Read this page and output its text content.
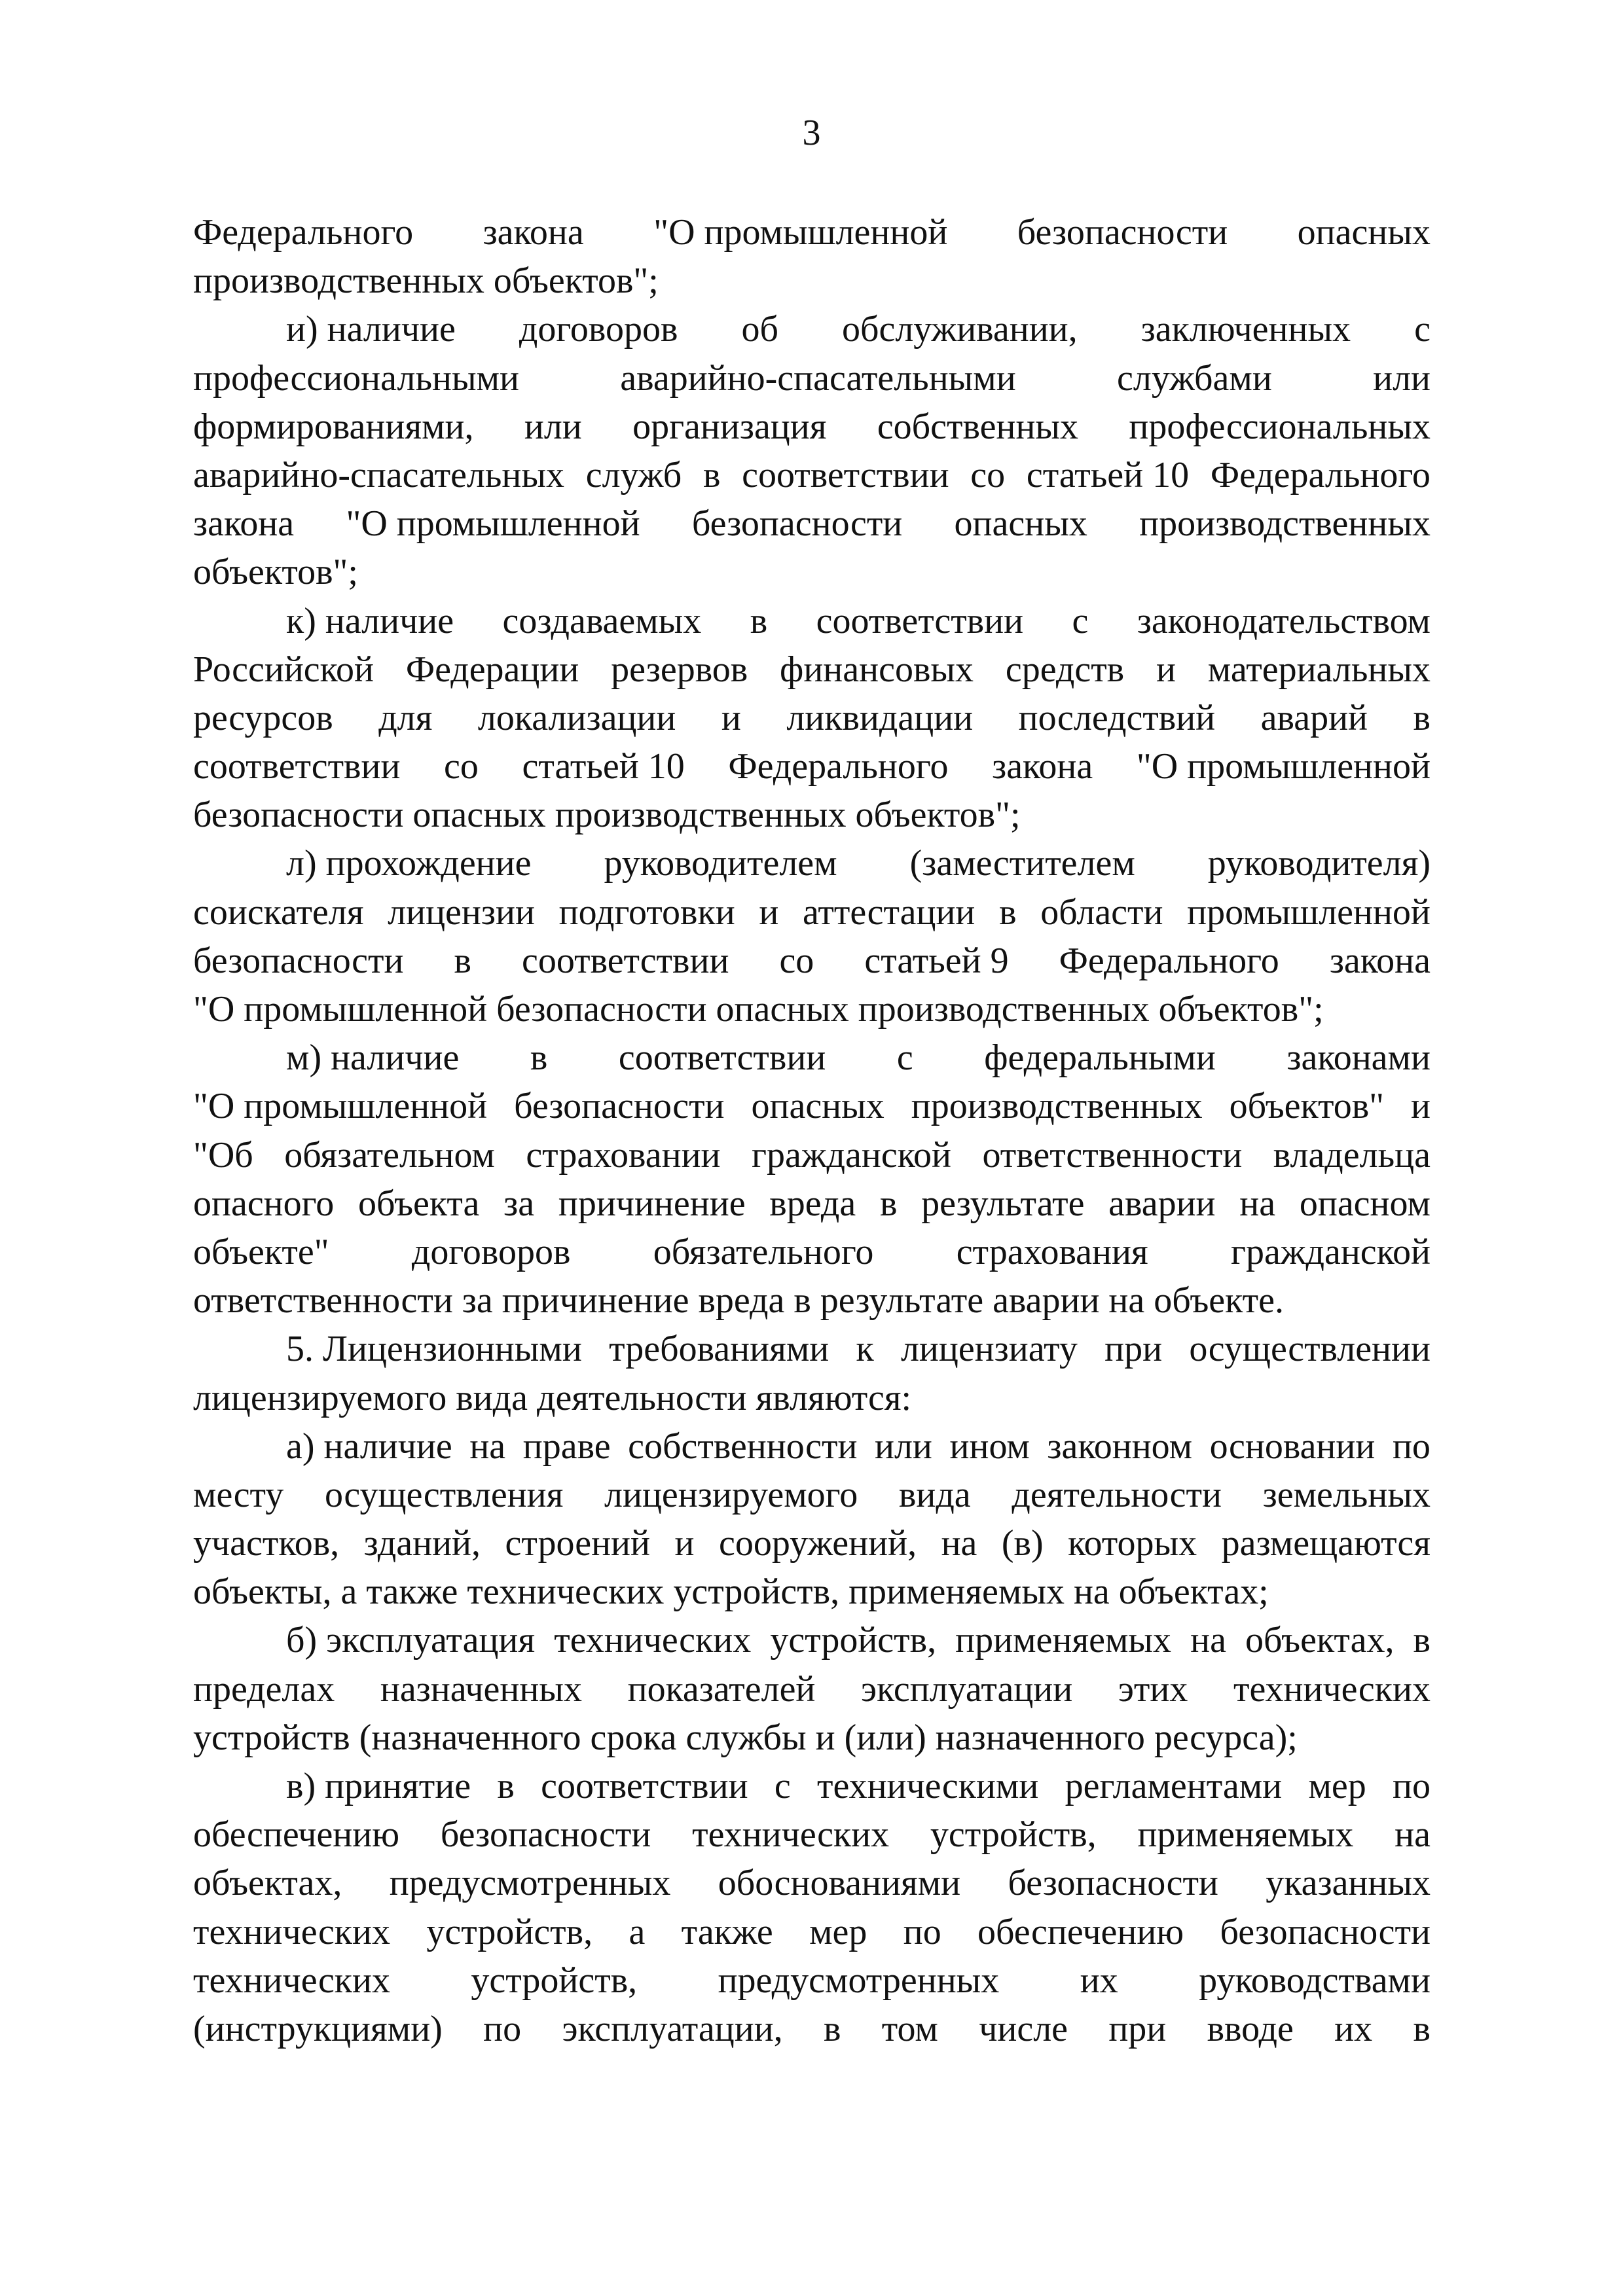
3
Федерального закона "О промышленной безопасности опасных
производственных объектов";
и) наличие договоров об обслуживании, заключенных с
профессиональными	аварийно-спасательными	службами	или
формированиями, или организация собственных профессиональных
аварийно-спасательных служб в соответствии со статьей 10 Федерального
закона "О промышленной безопасности опасных производственных
объектов";
к) наличие создаваемых в соответствии с законодательством
Российской Федерации резервов финансовых средств и материальных
ресурсов для локализации и ликвидации последствий аварий в
соответствии со статьей 10 Федерального закона "О промышленной
безопасности опасных производственных объектов";
л) прохождение руководителем (заместителем руководителя)
соискателя лицензии подготовки и аттестации в области промышленной
безопасности в соответствии со статьей 9 Федерального закона
"О промышленной безопасности опасных производственных объектов";
м) наличие в соответствии с федеральными законами
"О промышленной безопасности опасных производственных объектов" и
"Об обязательном страховании гражданской ответственности владельца
опасного объекта за причинение вреда в результате аварии на опасном
объекте" договоров обязательного страхования гражданской
ответственности за причинение вреда в результате аварии на объекте.
5. Лицензионными требованиями к лицензиату при осуществлении
лицензируемого вида деятельности являются:
а) наличие на праве собственности или ином законном основании по
месту осуществления лицензируемого вида деятельности земельных
участков, зданий, строений и сооружений, на (в) которых размещаются
объекты, а также технических устройств, применяемых на объектах;
б) эксплуатация технических устройств, применяемых на объектах, в
пределах назначенных показателей эксплуатации этих технических
устройств (назначенного срока службы и (или) назначенного ресурса);
в) принятие в соответствии с техническими регламентами мер по
обеспечению безопасности технических устройств, применяемых на
объектах, предусмотренных обоснованиями безопасности указанных
технических устройств, а также мер по обеспечению безопасности
технических устройств, предусмотренных их руководствами
(инструкциями) по эксплуатации, в том числе при вводе их в
